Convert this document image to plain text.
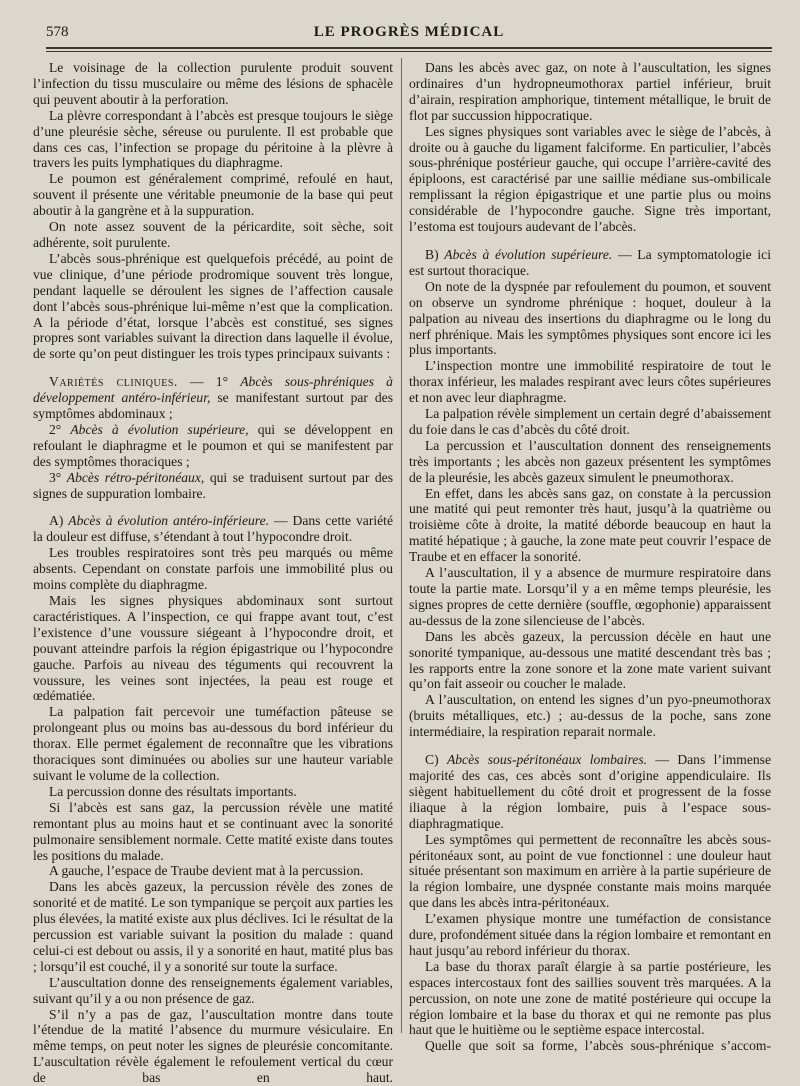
578	LE PROGRÈS MÉDICAL

Le voisinage de la collection purulente produit souvent l’infection du tissu musculaire ou même des lésions de sphacèle qui peuvent aboutir à la perforation.

La plèvre correspondant à l’abcès est presque toujours le siège d’une pleurésie sèche, séreuse ou purulente. Il est probable que dans ces cas, l’infection se propage du péritoine à la plèvre à travers les puits lymphatiques du diaphragme.

Le poumon est généralement comprimé, refoulé en haut, souvent il présente une véritable pneumonie de la base qui peut aboutir à la gangrène et à la suppuration.

On note assez souvent de la péricardite, soit sèche, soit adhérente, soit purulente.

L’abcès sous-phrénique est quelquefois précédé, au point de vue clinique, d’une période prodromique souvent très longue, pendant laquelle se déroulent les signes de l’affection causale dont l’abcès sous-phrénique lui-même n’est que la complication. A la période d’état, lorsque l’abcès est constitué, ses signes propres sont variables suivant la direction dans laquelle il évolue, de sorte qu’on peut distinguer les trois types principaux suivants :

Variétés cliniques. — 1° Abcès sous-phréniques à développement antéro-inférieur, se manifestant surtout par des symptômes abdominaux ;

2° Abcès à évolution supérieure, qui se développent en refoulant le diaphragme et le poumon et qui se manifestent par des symptômes thoraciques ;

3° Abcès rétro-péritonéaux, qui se traduisent surtout par des signes de suppuration lombaire.

A) Abcès à évolution antéro-inférieure. — Dans cette variété la douleur est diffuse, s’étendant à tout l’hypocondre droit.

Les troubles respiratoires sont très peu marqués ou même absents. Cependant on constate parfois une immobilité plus ou moins complète du diaphragme.

Mais les signes physiques abdominaux sont surtout caractéristiques. A l’inspection, ce qui frappe avant tout, c’est l’existence d’une voussure siégeant à l’hypocondre droit, et pouvant atteindre parfois la région épigastrique ou l’hypocondre gauche. Parfois au niveau des téguments qui recouvrent la voussure, les veines sont injectées, la peau est rouge et œdématiée.

La palpation fait percevoir une tuméfaction pâteuse se prolongeant plus ou moins bas au-dessous du bord inférieur du thorax. Elle permet également de reconnaître que les vibrations thoraciques sont diminuées ou abolies sur une hauteur variable suivant le volume de la collection.

La percussion donne des résultats importants.

Si l’abcès est sans gaz, la percussion révèle une matité remontant plus au moins haut et se continuant avec la sonorité pulmonaire sensiblement normale. Cette matité existe dans toutes les positions du malade.

A gauche, l’espace de Traube devient mat à la percussion.

Dans les abcès gazeux, la percussion révèle des zones de sonorité et de matité. Le son tympanique se perçoit aux parties les plus élevées, la matité existe aux plus déclives. Ici le résultat de la percussion est variable suivant la position du malade : quand celui-ci est debout ou assis, il y a sonorité en haut, matité plus bas ; lorsqu’il est couché, il y a sonorité sur toute la surface.

L’auscultation donne des renseignements également variables, suivant qu’il y a ou non présence de gaz.

S’il n’y a pas de gaz, l’auscultation montre dans toute l’étendue de la matité l’absence du murmure vésiculaire. En même temps, on peut noter les signes de pleurésie concomitante. L’auscultation révèle également le refoulement vertical du cœur de bas en haut.

Dans les abcès avec gaz, on note à l’auscultation, les signes ordinaires d’un hydropneumothorax partiel inférieur, bruit d’airain, respiration amphorique, tintement métallique, le bruit de flot par succussion hippocratique.

Les signes physiques sont variables avec le siège de l’abcès, à droite ou à gauche du ligament falciforme. En particulier, l’abcès sous-phrénique postérieur gauche, qui occupe l’arrière-cavité des épiploons, est caractérisé par une saillie médiane sus-ombilicale remplissant la région épigastrique et une partie plus ou moins considérable de l’hypocondre gauche. Signe très important, l’estoma est toujours audevant de l’abcès.

B) Abcès à évolution supérieure. — La symptomatologie ici est surtout thoracique.

On note de la dyspnée par refoulement du poumon, et souvent on observe un syndrome phrénique : hoquet, douleur à la palpation au niveau des insertions du diaphragme ou le long du nerf phrénique. Mais les symptômes physiques sont encore ici les plus importants.

L’inspection montre une immobilité respiratoire de tout le thorax inférieur, les malades respirant avec leurs côtes supérieures et non avec leur diaphragme.

La palpation révèle simplement un certain degré d’abaissement du foie dans le cas d’abcès du côté droit.

La percussion et l’auscultation donnent des renseignements très importants ; les abcès non gazeux présentent les symptômes de la pleurésie, les abcès gazeux simulent le pneumothorax.

En effet, dans les abcès sans gaz, on constate à la percussion une matité qui peut remonter très haut, jusqu’à la quatrième ou troisième côte à droite, la matité déborde beaucoup en haut la matité hépatique ; à gauche, la zone mate peut couvrir l’espace de Traube et en effacer la sonorité.

A l’auscultation, il y a absence de murmure respiratoire dans toute la partie mate. Lorsqu’il y a en même temps pleurésie, les signes propres de cette dernière (souffle, œgophonie) apparaissent au-dessus de la zone silencieuse de l’abcès.

Dans les abcès gazeux, la percussion décèle en haut une sonorité tympanique, au-dessous une matité descendant très bas ; les rapports entre la zone sonore et la zone mate varient suivant qu’on fait asseoir ou coucher le malade.

A l’auscultation, on entend les signes d’un pyo-pneumothorax (bruits métalliques, etc.) ; au-dessus de la poche, sans zone intermédiaire, la respiration reparait normale.

C) Abcès sous-péritonéaux lombaires. — Dans l’immense majorité des cas, ces abcès sont d’origine appendiculaire. Ils siègent habituellement du côté droit et progressent de la fosse iliaque à la région lombaire, puis à l’espace sous-diaphragmatique.

Les symptômes qui permettent de reconnaître les abcès sous-péritonéaux sont, au point de vue fonctionnel : une douleur haut située présentant son maximum en arrière à la partie supérieure de la région lombaire, une dyspnée constante mais moins marquée que dans les abcès intra-péritonéaux.

L’examen physique montre une tuméfaction de consistance dure, profondément située dans la région lombaire et remontant en haut jusqu’au rebord inférieur du thorax.

La base du thorax paraît élargie à sa partie postérieure, les espaces intercostaux font des saillies souvent très marquées. A la percussion, on note une zone de matité postérieure qui occupe la région lombaire et la base du thorax et qui ne remonte pas plus haut que le huitième ou le septième espace intercostal.

Quelle que soit sa forme, l’abcès sous-phrénique s’accom-
